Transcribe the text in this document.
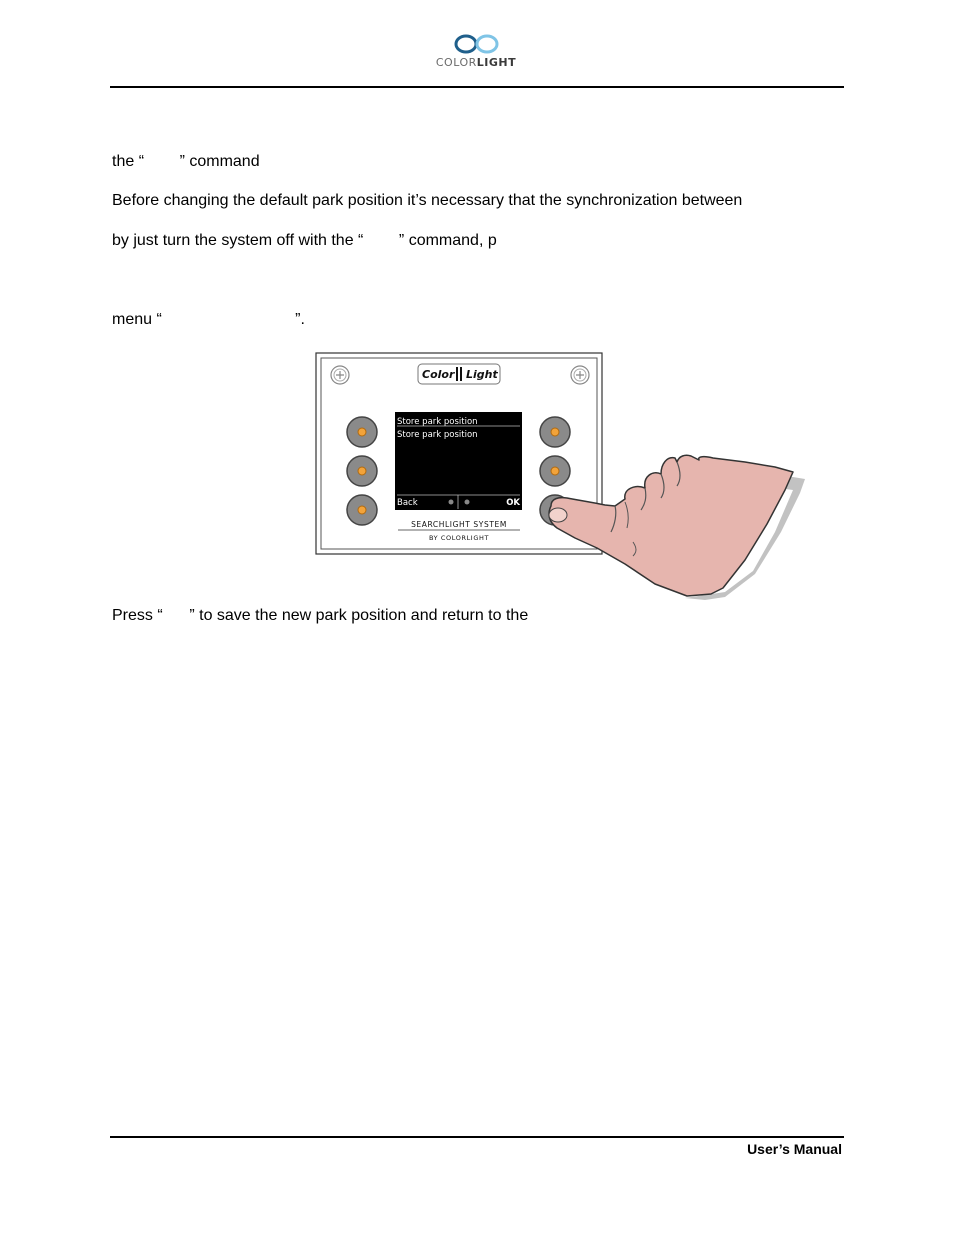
COLORLIGHT
the “        ” command
Before changing the default park position it’s necessary that the synchronization between
by just turn the system off with the “        ” command, p
menu “                              ”.
Color Light
Store park position
Store park position
Back	OK
SEARCHLIGHT SYSTEM
BY COLORLIGHT
Press “      ” to save the new park position and return to the
User’s Manual
